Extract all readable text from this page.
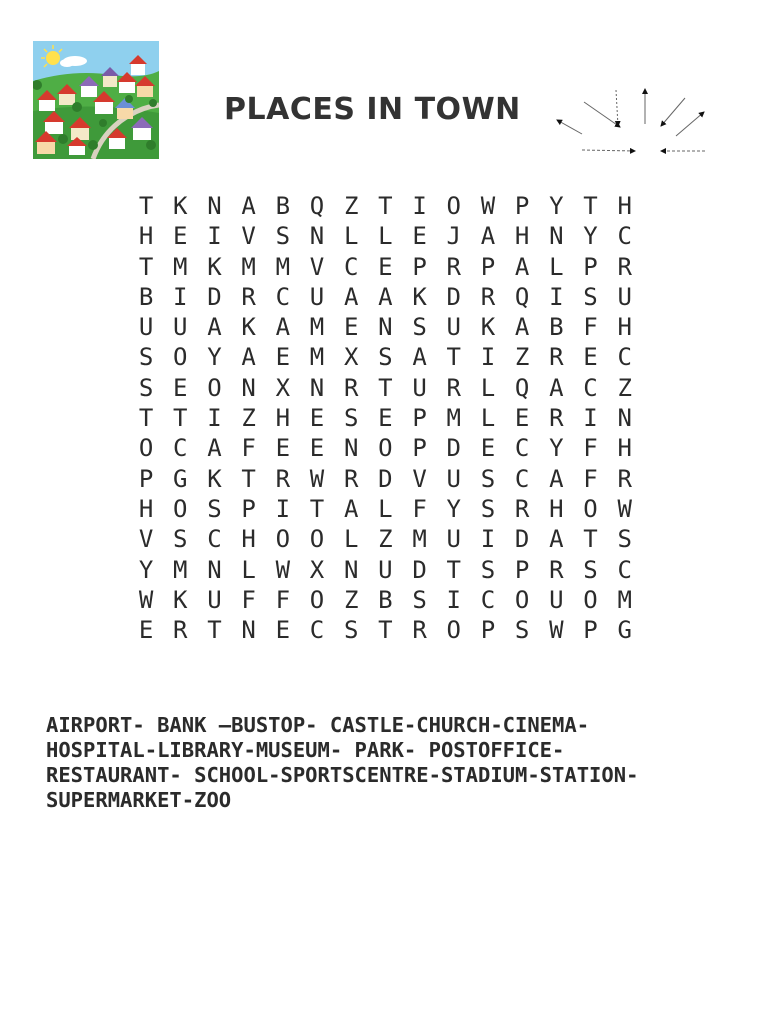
PLACES IN TOWN
T K N A B Q Z T I O W P Y T H
H E I V S N L L E J A H N Y C
T M K M M V C E P R P A L P R
B I D R C U A A K D R Q I S U
U U A K A M E N S U K A B F H
S O Y A E M X S A T I Z R E C
S E O N X N R T U R L Q A C Z
T T I Z H E S E P M L E R I N
O C A F E E N O P D E C Y F H
P G K T R W R D V U S C A F R
H O S P I T A L F Y S R H O W
V S C H O O L Z M U I D A T S
Y M N L W X N U D T S P R S C
W K U F F O Z B S I C O U O M
E R T N E C S T R O P S W P G
AIRPORT- BANK –BUSTOP- CASTLE-CHURCH-CINEMA-
HOSPITAL-LIBRARY-MUSEUM- PARK- POSTOFFICE-
RESTAURANT- SCHOOL-SPORTSCENTRE-STADIUM-STATION-
SUPERMARKET-ZOO
